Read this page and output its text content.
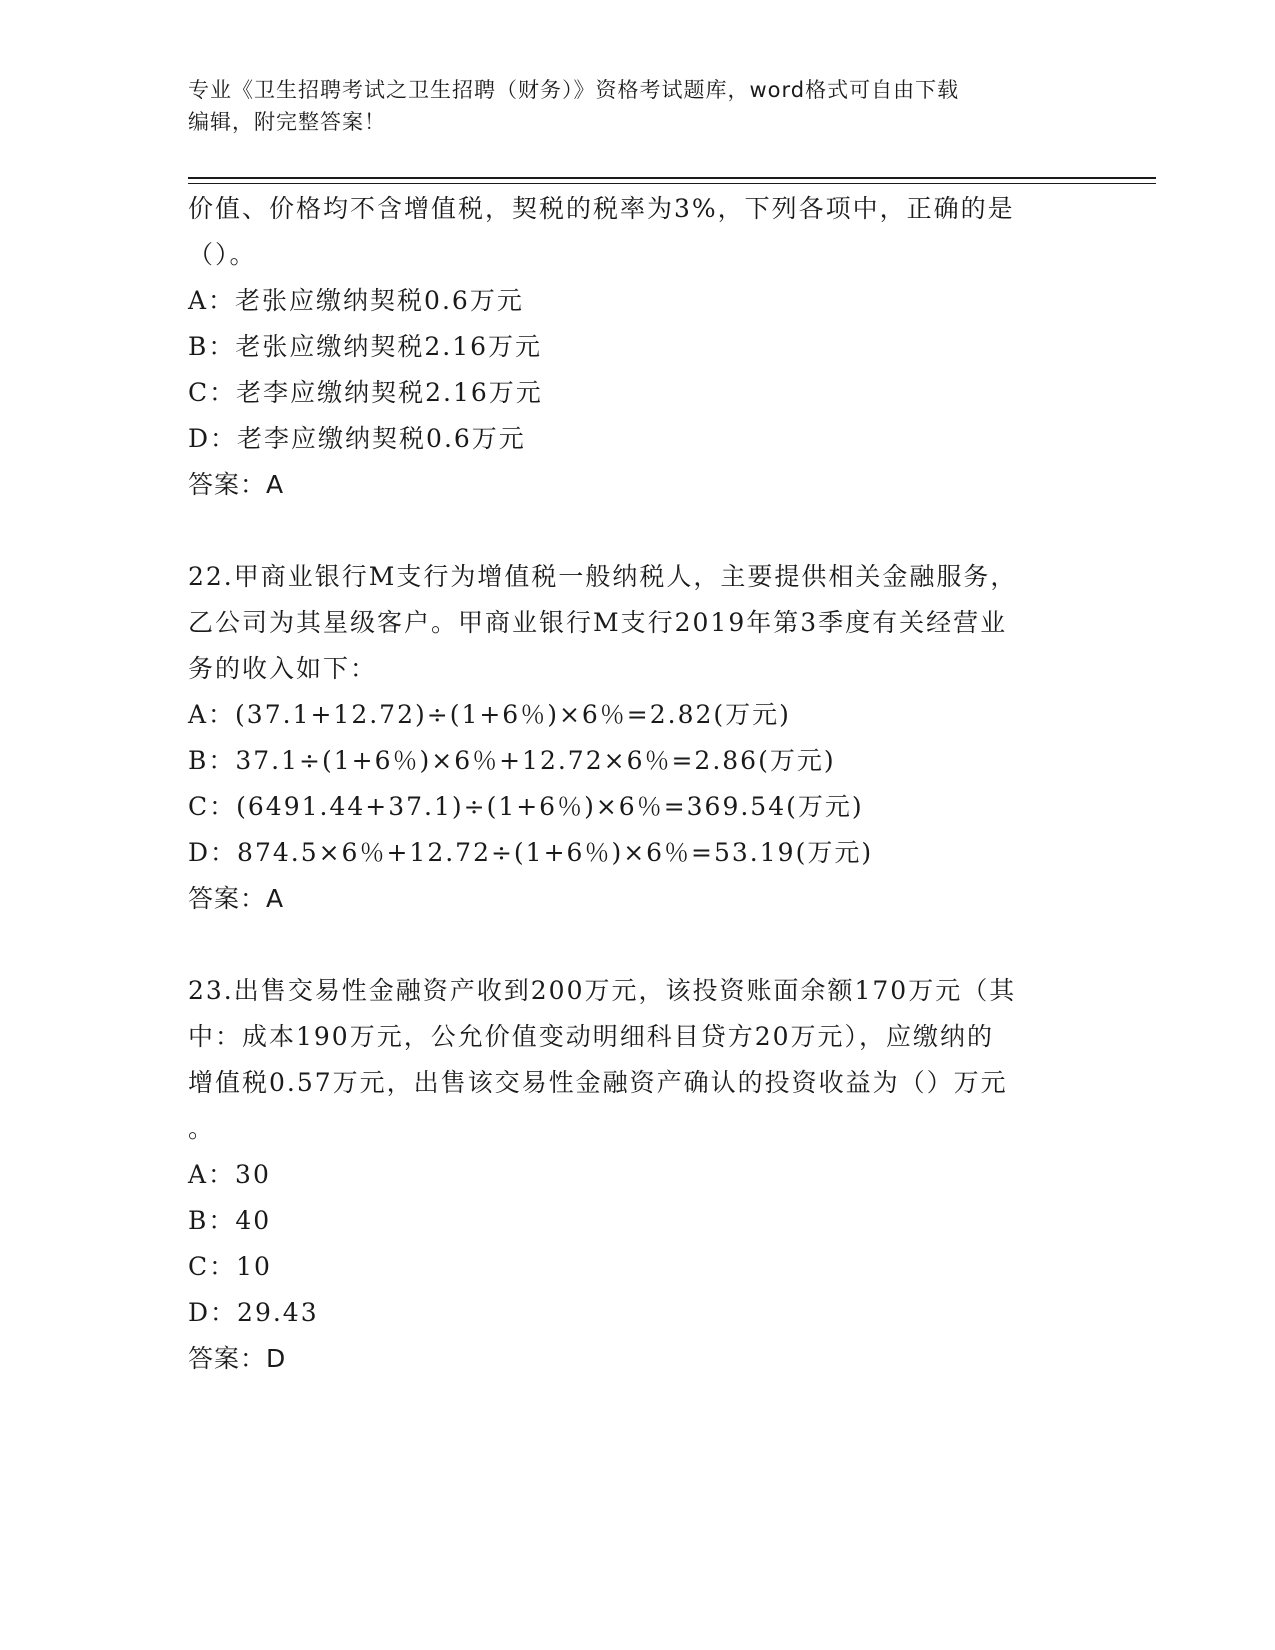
专业《卫生招聘考试之卫生招聘（财务）》资格考试题库，word格式可自由下载
编辑，附完整答案！

价值、价格均不含增值税，契税的税率为3%，下列各项中，正确的是

（）。

A：老张应缴纳契税0.6万元

B：老张应缴纳契税2.16万元

C：老李应缴纳契税2.16万元

D：老李应缴纳契税0.6万元

答案：A

22.甲商业银行M支行为增值税一般纳税人，主要提供相关金融服务，

乙公司为其星级客户。甲商业银行M支行2019年第3季度有关经营业

务的收入如下：

A：(37.1+12.72)÷(1+6％)×6％=2.82(万元)

B：37.1÷(1+6％)×6％+12.72×6％=2.86(万元)

C：(6491.44+37.1)÷(1+6％)×6％=369.54(万元)

D：874.5×6％+12.72÷(1+6％)×6％=53.19(万元)

答案：A

23.出售交易性金融资产收到200万元，该投资账面余额170万元（其

中：成本190万元，公允价值变动明细科目贷方20万元），应缴纳的

增值税0.57万元，出售该交易性金融资产确认的投资收益为（）万元

。

A：30

B：40

C：10

D：29.43

答案：D
